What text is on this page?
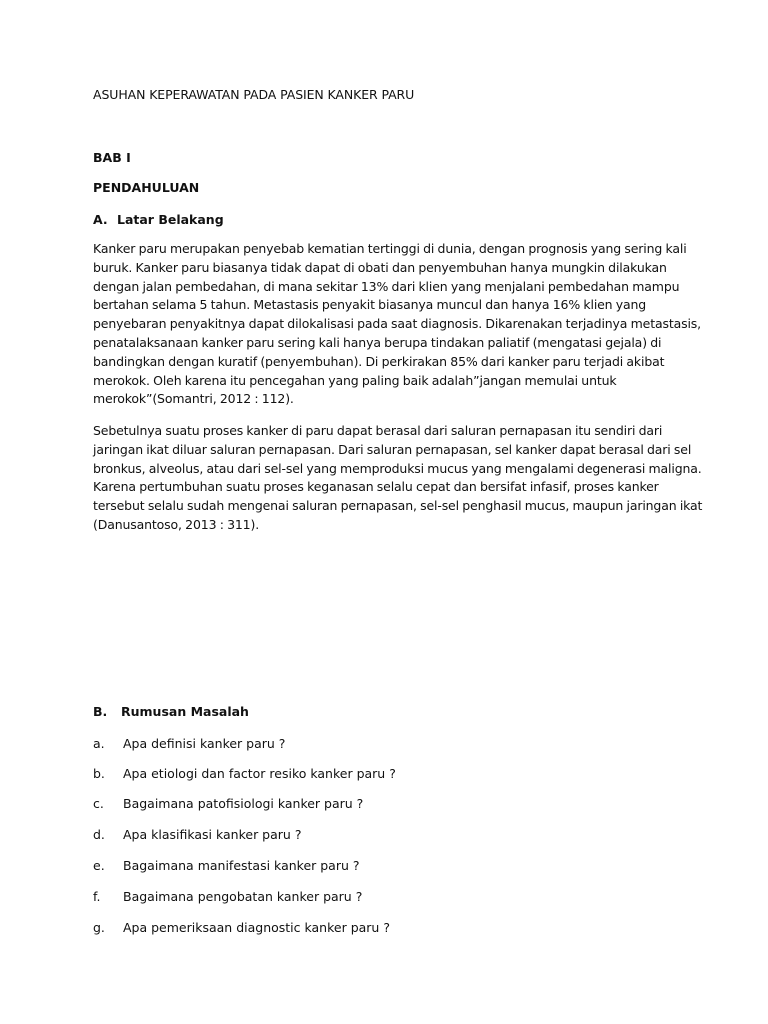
ASUHAN KEPERAWATAN PADA PASIEN KANKER PARU
BAB I
PENDAHULUAN
A. Latar Belakang
Kanker paru merupakan penyebab kematian tertinggi di dunia, dengan prognosis yang sering kali
buruk. Kanker paru biasanya tidak dapat di obati dan penyembuhan hanya mungkin dilakukan
dengan jalan pembedahan, di mana sekitar 13% dari klien yang menjalani pembedahan mampu
bertahan selama 5 tahun. Metastasis penyakit biasanya muncul dan hanya 16% klien yang
penyebaran penyakitnya dapat dilokalisasi pada saat diagnosis. Dikarenakan terjadinya metastasis,
penatalaksanaan kanker paru sering kali hanya berupa tindakan paliatif (mengatasi gejala) di
bandingkan dengan kuratif (penyembuhan). Di perkirakan 85% dari kanker paru terjadi akibat
merokok. Oleh karena itu pencegahan yang paling baik adalah”jangan memulai untuk
merokok”(Somantri, 2012 : 112).
Sebetulnya suatu proses kanker di paru dapat berasal dari saluran pernapasan itu sendiri dari
jaringan ikat diluar saluran pernapasan. Dari saluran pernapasan, sel kanker dapat berasal dari sel
bronkus, alveolus, atau dari sel-sel yang memproduksi mucus yang mengalami degenerasi maligna.
Karena pertumbuhan suatu proses keganasan selalu cepat dan bersifat infasif, proses kanker
tersebut selalu sudah mengenai saluran pernapasan, sel-sel penghasil mucus, maupun jaringan ikat
(Danusantoso, 2013 : 311).
B. Rumusan Masalah
a. Apa definisi kanker paru ?
b. Apa etiologi dan factor resiko kanker paru ?
c. Bagaimana patofisiologi kanker paru ?
d. Apa klasifikasi kanker paru ?
e. Bagaimana manifestasi kanker paru ?
f. Bagaimana pengobatan kanker paru ?
g. Apa pemeriksaan diagnostic kanker paru ?
